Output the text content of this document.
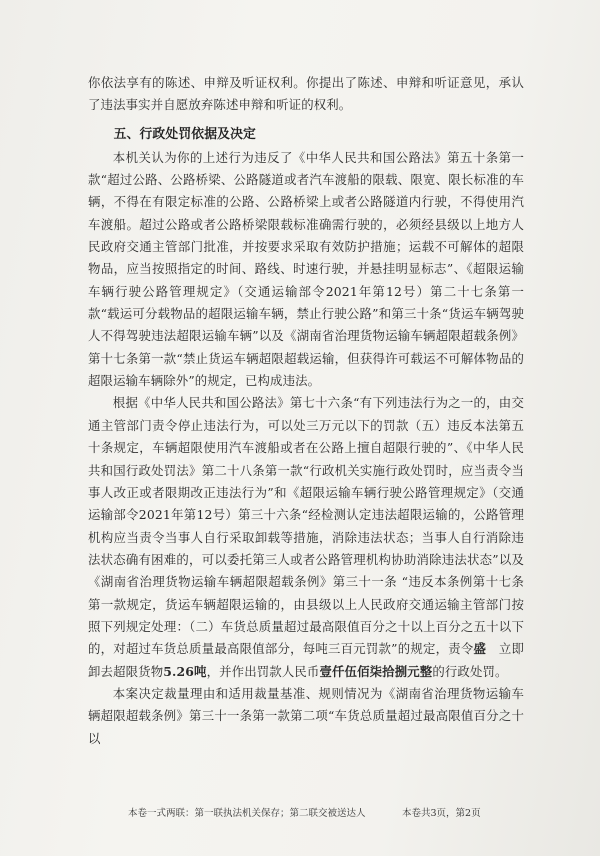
你依法享有的陈述、申辩及听证权利。你提出了陈述、申辩和听证意见，承认了违法事实并自愿放弃陈述申辩和听证的权利。

五、行政处罚依据及决定

本机关认为你的上述行为违反了《中华人民共和国公路法》第五十条第一款“超过公路、公路桥梁、公路隧道或者汽车渡船的限载、限宽、限长标准的车辆，不得在有限定标准的公路、公路桥梁上或者公路隧道内行驶，不得使用汽车渡船。超过公路或者公路桥梁限载标准确需行驶的，必须经县级以上地方人民政府交通主管部门批准，并按要求采取有效防护措施；运载不可解体的超限物品，应当按照指定的时间、路线、时速行驶，并悬挂明显标志”、《超限运输车辆行驶公路管理规定》（交通运输部令2021年第12号）第二十七条第一款“载运可分载物品的超限运输车辆，禁止行驶公路”和第三十条“货运车辆驾驶人不得驾驶违法超限运输车辆”以及《湖南省治理货物运输车辆超限超载条例》第十七条第一款“禁止货运车辆超限超载运输，但获得许可载运不可解体物品的超限运输车辆除外”的规定，已构成违法。

根据《中华人民共和国公路法》第七十六条“有下列违法行为之一的，由交通主管部门责令停止违法行为，可以处三万元以下的罚款（五）违反本法第五十条规定，车辆超限使用汽车渡船或者在公路上擅自超限行驶的”、《中华人民共和国行政处罚法》第二十八条第一款“行政机关实施行政处罚时，应当责令当事人改正或者限期改正违法行为”和《超限运输车辆行驶公路管理规定》（交通运输部令2021年第12号）第三十六条“经检测认定违法超限运输的，公路管理机构应当责令当事人自行采取卸载等措施，消除违法状态；当事人自行消除违法状态确有困难的，可以委托第三人或者公路管理机构协助消除违法状态”以及《湖南省治理货物运输车辆超限超载条例》第三十一条 “违反本条例第十七条第一款规定，货运车辆超限运输的，由县级以上人民政府交通运输主管部门按照下列规定处理：（二）车货总质量超过最高限值百分之十以上百分之五十以下的，对超过车货总质量最高限值部分，每吨三百元罚款”的规定，责令盛  立即卸去超限货物5.26吨，并作出罚款人民币壹仟伍佰柒拾捌元整的行政处罚。

本案决定裁量理由和适用裁量基准、规则情况为《湖南省治理货物运输车辆超限超载条例》第三十一条第一款第二项“车货总质量超过最高限值百分之十以

本卷一式两联：第一联执法机关保存；第二联交被送达人	本卷共3页，第2页
